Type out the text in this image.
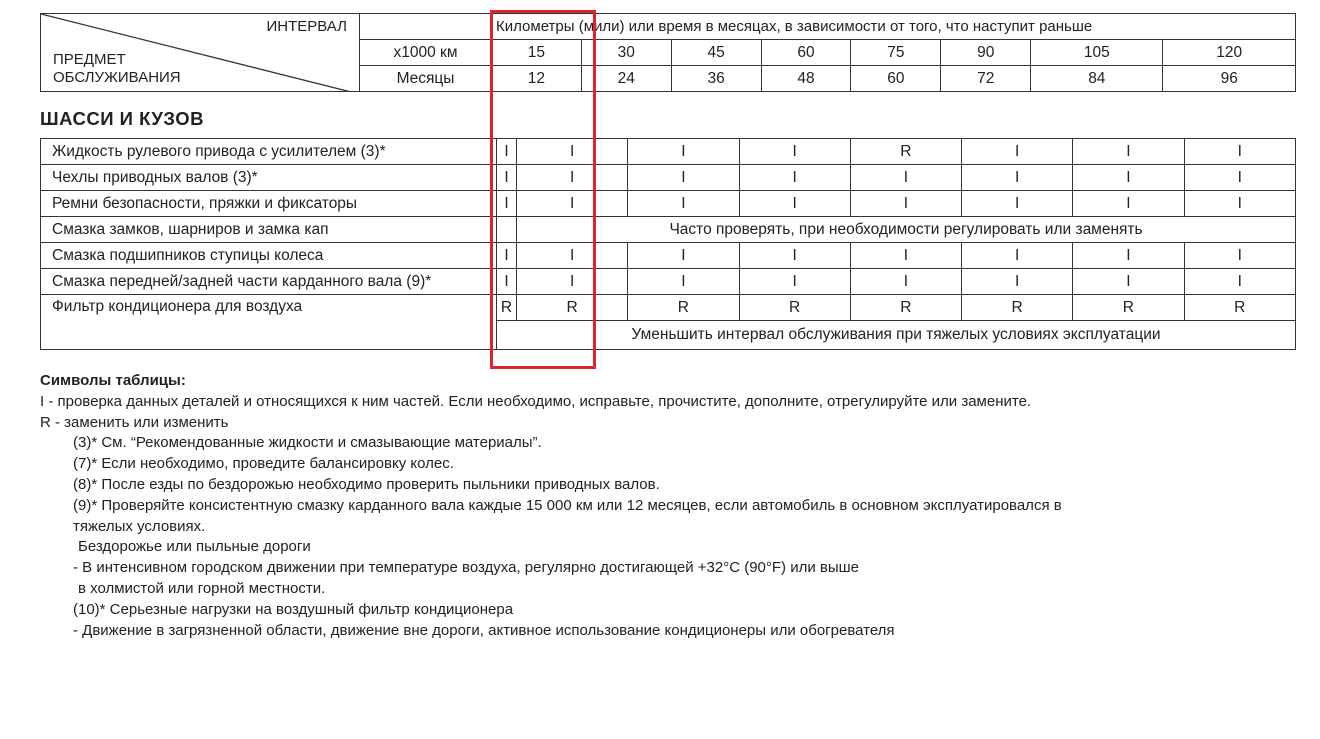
ИНТЕРВАЛ
ПРЕДМЕТ
ОБСЛУЖИВАНИЯ		Километры (мили) или время в месяцах, в зависимости от того, что наступит раньше							
	x1000 км	15	30	45	60	75	90	105	120
	Месяцы	12	24	36	48	60	72	84	96
ШАССИ И КУЗОВ
Жидкость рулевого привода с усилителем (3)*	I	I	I	I	R	I	I	I
Чехлы приводных валов (3)*	I	I	I	I	I	I	I	I
Ремни безопасности, пряжки и фиксаторы	I	I	I	I	I	I	I	I
Смазка замков, шарниров и замка кап		Часто проверять, при необходимости регулировать или заменять						
Смазка подшипников ступицы колеса	I	I	I	I	I	I	I	I
Смазка передней/задней части карданного вала (9)*	I	I	I	I	I	I	I	I
Фильтр кондиционера для воздуха	R	R	R	R	R	R	R	R
	Уменьшить интервал обслуживания при тяжелых условиях эксплуатации							
Символы таблицы:
I - проверка данных деталей и относящихся к ним частей. Если необходимо, исправьте, прочистите, дополните, отрегулируйте или замените.
R - заменить или изменить
(3)* См. “Рекомендованные жидкости и смазывающие материалы”.
(7)* Если необходимо, проведите балансировку колес.
(8)* После езды по бездорожью необходимо проверить пыльники приводных валов.
(9)* Проверяйте консистентную смазку карданного вала каждые 15 000 км или 12 месяцев, если автомобиль в основном эксплуатировался в
тяжелых условиях.
Бездорожье или пыльные дороги
- В интенсивном городском движении при температуре воздуха, регулярно достигающей +32°C (90°F) или выше
в холмистой или горной местности.
(10)* Серьезные нагрузки на воздушный фильтр кондиционера
- Движение в загрязненной области, движение вне дороги, активное использование кондиционеры или обогревателя
